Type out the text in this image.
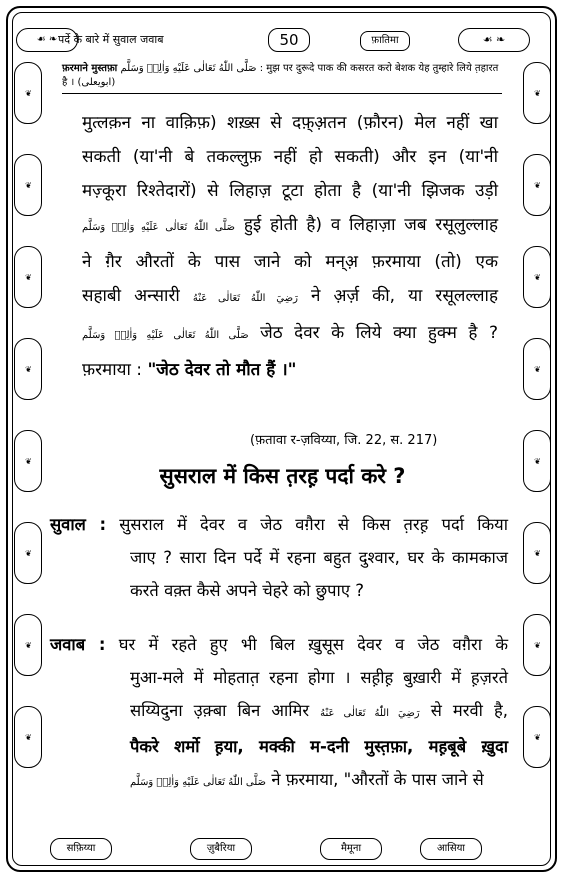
☙ ❧ पर्दे के बारे में सुवाल जवाब	50	फ़ातिमा	☙ ❧
फ़रमाने मुस्तफ़ा صَلَّى اللّٰهُ تَعَالٰى عَلَيْهِ وَاٰلِهٖ وَسَلَّم : मुझ पर दुरूदे पाक की कसरत करो बेशक येह तुम्हारे लिये त़हारत है । (ابويعلى)
❦
❦
❦
❦
❦
❦
❦
❦
❦
❦
❦
❦
❦
❦
❦
❦

मुत्लक़न ना वाक़िफ़) शख़्स से दफ़्अ़तन (फ़ौरन) मेल नहीं खा

सकती (या'नी बे तकल्लुफ़ नहीं हो सकती) और इन (या'नी

मज़्कूरा रिश्तेदारों) से लिहाज़ टूटा होता है (या'नी झिजक उड़ी

صَلَّى اللّٰهُ تَعَالٰى عَلَيْهِ وَاٰلِهٖ وَسَلَّم हुई होती है) व लिहाज़ा जब रसूलुल्लाह

ने ग़ैर औरतों के पास जाने को मन्अ़ फ़रमाया (तो) एक

सहाबी अन्सारी رَضِيَ اللّٰهُ تَعَالٰى عَنْهُ ने अ़र्ज़ की, या रसूलल्लाह

صَلَّى اللّٰهُ تَعَالٰى عَلَيْهِ وَاٰلِهٖ وَسَلَّم जेठ देवर के लिये क्या हुक्म है ?

फ़रमाया : "जेठ देवर तो मौत हैं ।"

(फ़तावा र-ज़विय्या, जि. 22, स. 217)
सुसराल में किस त़रह़ पर्दा करे ?

सुवाल : सुसराल में देवर व जेठ वग़ैरा से किस त़रह़ पर्दा किया

जाए ? सारा दिन पर्दे में रहना बहुत दुश्वार, घर के कामकाज

करते वक़्त कैसे अपने चेहरे को छुपाए ?

जवाब : घर में रहते हुए भी बिल ख़ुसूस देवर व जेठ वग़ैरा के

मुआ-मले में मोहतात़ रहना होगा । सह़ीह़ बुख़ारी में ह़ज़रते

सय्यिदुना उ़क़्बा बिन आमिर رَضِيَ اللّٰهُ تَعَالٰى عَنْهُ से मरवी है,

पैकरे शर्मो ह़या, मक्की म-दनी मुस्त़फ़ा, मह़बूबे ख़ुदा

صَلَّى اللّٰهُ تَعَالٰى عَلَيْهِ وَاٰلِهٖ وَسَلَّم ने फ़रमाया, "औरतों के पास जाने से

सफ़िय्या	ज़ुबैरिया	मैमूना	आसिया
